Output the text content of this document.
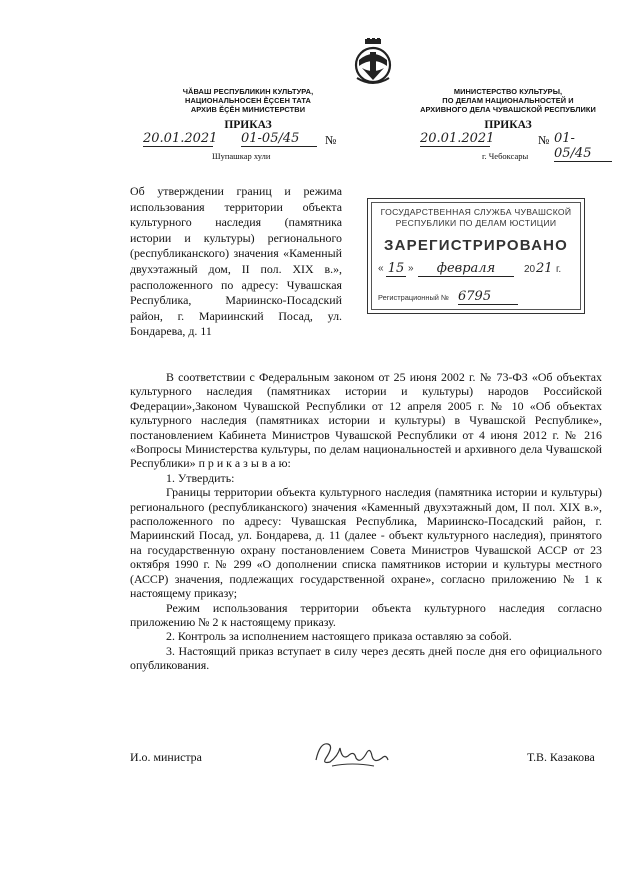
ЧĂВАШ РЕСПУБЛИКИН КУЛЬТУРА,
НАЦИОНАЛЬНОСЕН ĔÇСЕН ТАТА
АРХИВ ĔÇĔН МИНИСТЕРСТВИ
ПРИКАЗ
20.01.2021 01-05/45	№
Шупашкар хули
МИНИСТЕРСТВО КУЛЬТУРЫ,
ПО ДЕЛАМ НАЦИОНАЛЬНОСТЕЙ И
АРХИВНОГО ДЕЛА ЧУВАШСКОЙ РЕСПУБЛИКИ
ПРИКАЗ
20.01.2021	№ 01-05/45
г. Чебоксары
Об утверждении границ и режима использования территории объекта культурного наследия (памятника истории и культуры) регионального (республиканского) значения «Каменный двухэтажный дом, II пол. XIX в.», расположенного по адресу: Чувашская Республика, Мариинско-Посадский район, г. Мариинский Посад, ул. Бондарева, д. 11
ГОСУДАРСТВЕННАЯ СЛУЖБА ЧУВАШСКОЙ
РЕСПУБЛИКИ ПО ДЕЛАМ ЮСТИЦИИ
ЗАРЕГИСТРИРОВАНО
« 15 »	февраля	20 21 г.
Регистрационный № 6795

В соответствии с Федеральным законом от 25 июня 2002 г. № 73-ФЗ «Об объектах культурного наследия (памятниках истории и культуры) народов Российской Федерации»,Законом Чувашской Республики от 12 апреля 2005 г. № 10 «Об объектах культурного наследия (памятниках истории и культуры) в Чувашской Республике», постановлением Кабинета Министров Чувашской Республики от 4 июня 2012 г. № 216 «Вопросы Министерства культуры, по делам национальностей и архивного дела Чувашской Республики» п р и к а з ы в а ю:

1. Утвердить:

Границы территории объекта культурного наследия (памятника истории и культуры) регионального (республиканского) значения «Каменный двухэтажный дом, II пол. XIX в.», расположенного по адресу: Чувашская Республика, Мариинско-Посадский район, г. Мариинский Посад, ул. Бондарева, д. 11 (далее - объект культурного наследия), принятого на государственную охрану постановлением Совета Министров Чувашской АССР от 23 октября 1990 г. № 299 «О дополнении списка памятников истории и культуры местного (АССР) значения, подлежащих государственной охране», согласно приложению № 1 к настоящему приказу;

Режим использования территории объекта культурного наследия согласно приложению № 2 к настоящему приказу.

2. Контроль за исполнением настоящего приказа оставляю за собой.

3. Настоящий приказ вступает в силу через десять дней после дня его официального опубликования.

И.о. министра	Т.В. Казакова
